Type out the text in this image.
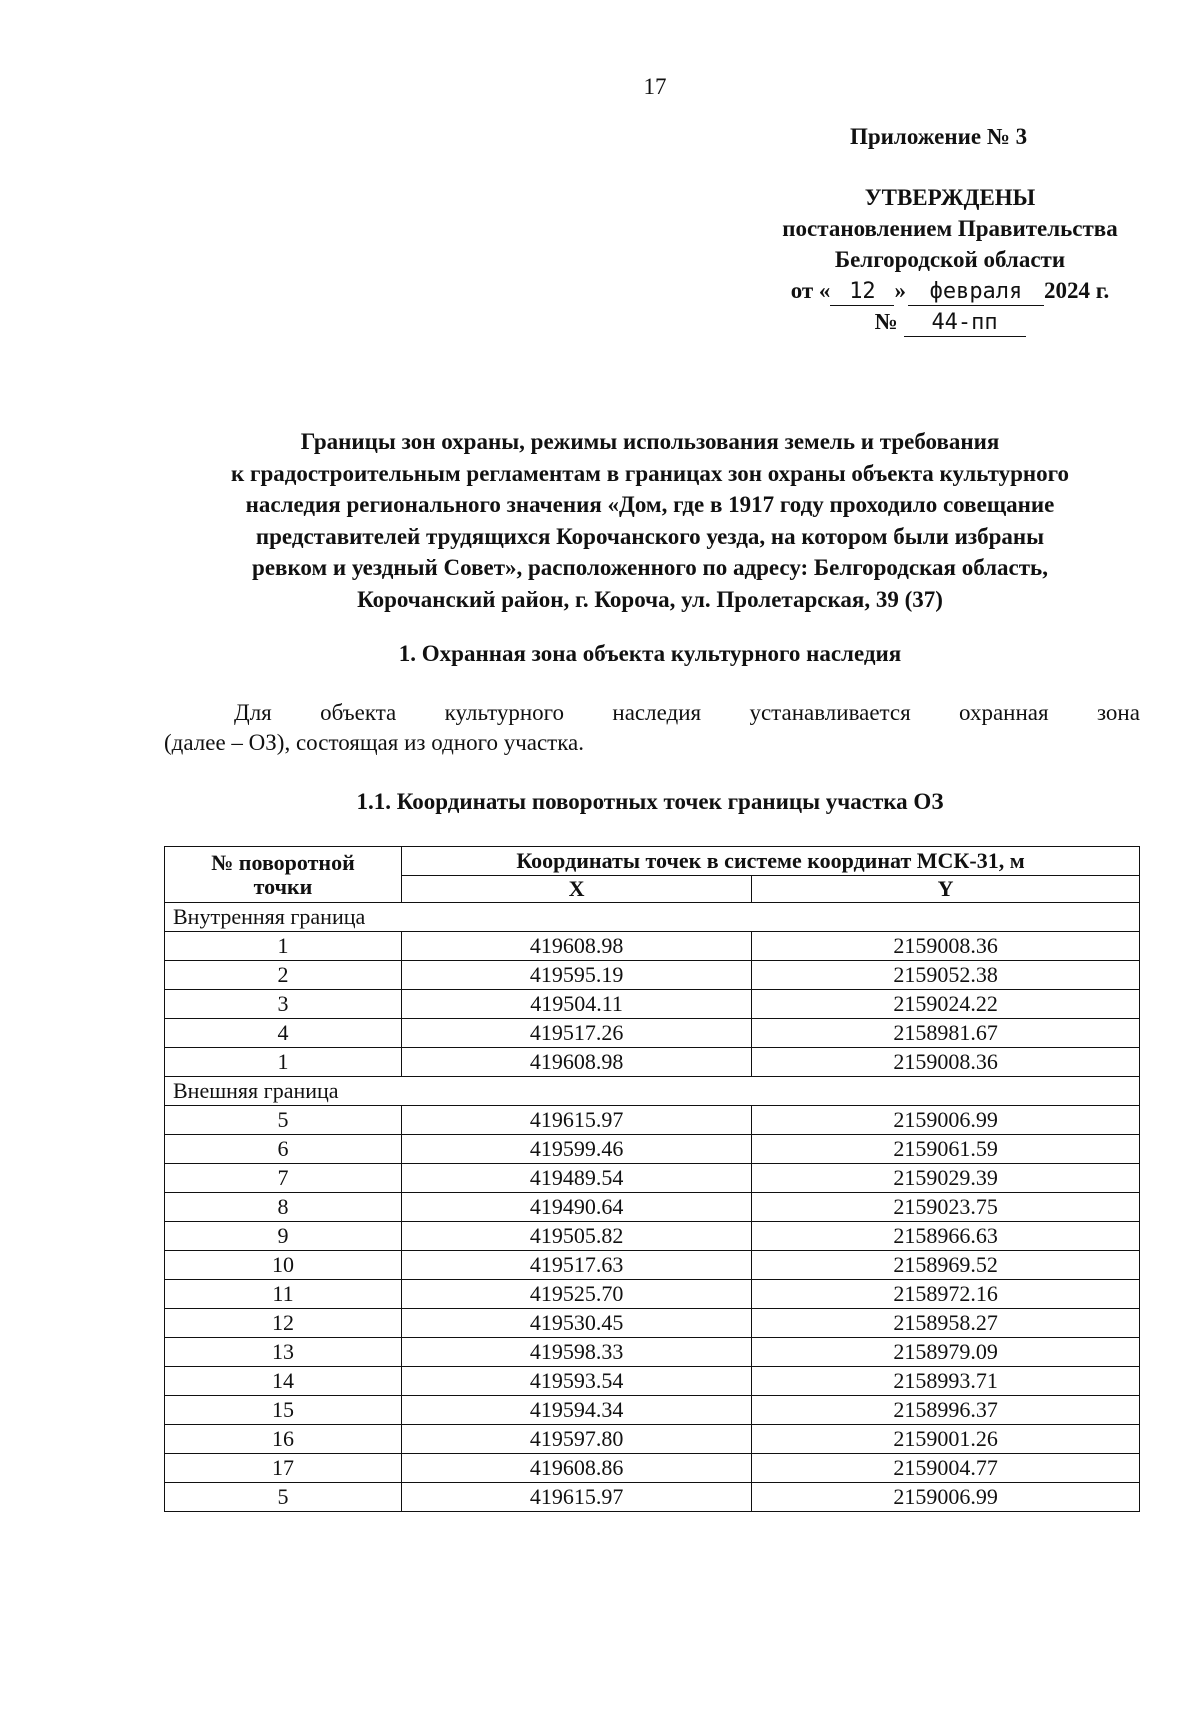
17
Приложение № 3
УТВЕРЖДЕНЫ
постановлением Правительства
Белгородской области
от « 12 » февраля 2024 г.
№ 44-пп
Границы зон охраны, режимы использования земель и требования
к градостроительным регламентам в границах зон охраны объекта культурного
наследия регионального значения «Дом, где в 1917 году проходило совещание
представителей трудящихся Корочанского уезда, на котором были избраны
ревком и уездный Совет», расположенного по адресу: Белгородская область,
Корочанский район, г. Короча, ул. Пролетарская, 39 (37)
1. Охранная зона объекта культурного наследия
Для объекта культурного наследия устанавливается охранная зона
(далее – ОЗ), состоящая из одного участка.
1.1. Координаты поворотных точек границы участка ОЗ
№ поворотной
точки	Координаты точек в системе координат МСК-31, м	
	X	Y
Внутренняя граница		
1	419608.98	2159008.36
2	419595.19	2159052.38
3	419504.11	2159024.22
4	419517.26	2158981.67
1	419608.98	2159008.36
Внешняя граница		
5	419615.97	2159006.99
6	419599.46	2159061.59
7	419489.54	2159029.39
8	419490.64	2159023.75
9	419505.82	2158966.63
10	419517.63	2158969.52
11	419525.70	2158972.16
12	419530.45	2158958.27
13	419598.33	2158979.09
14	419593.54	2158993.71
15	419594.34	2158996.37
16	419597.80	2159001.26
17	419608.86	2159004.77
5	419615.97	2159006.99
